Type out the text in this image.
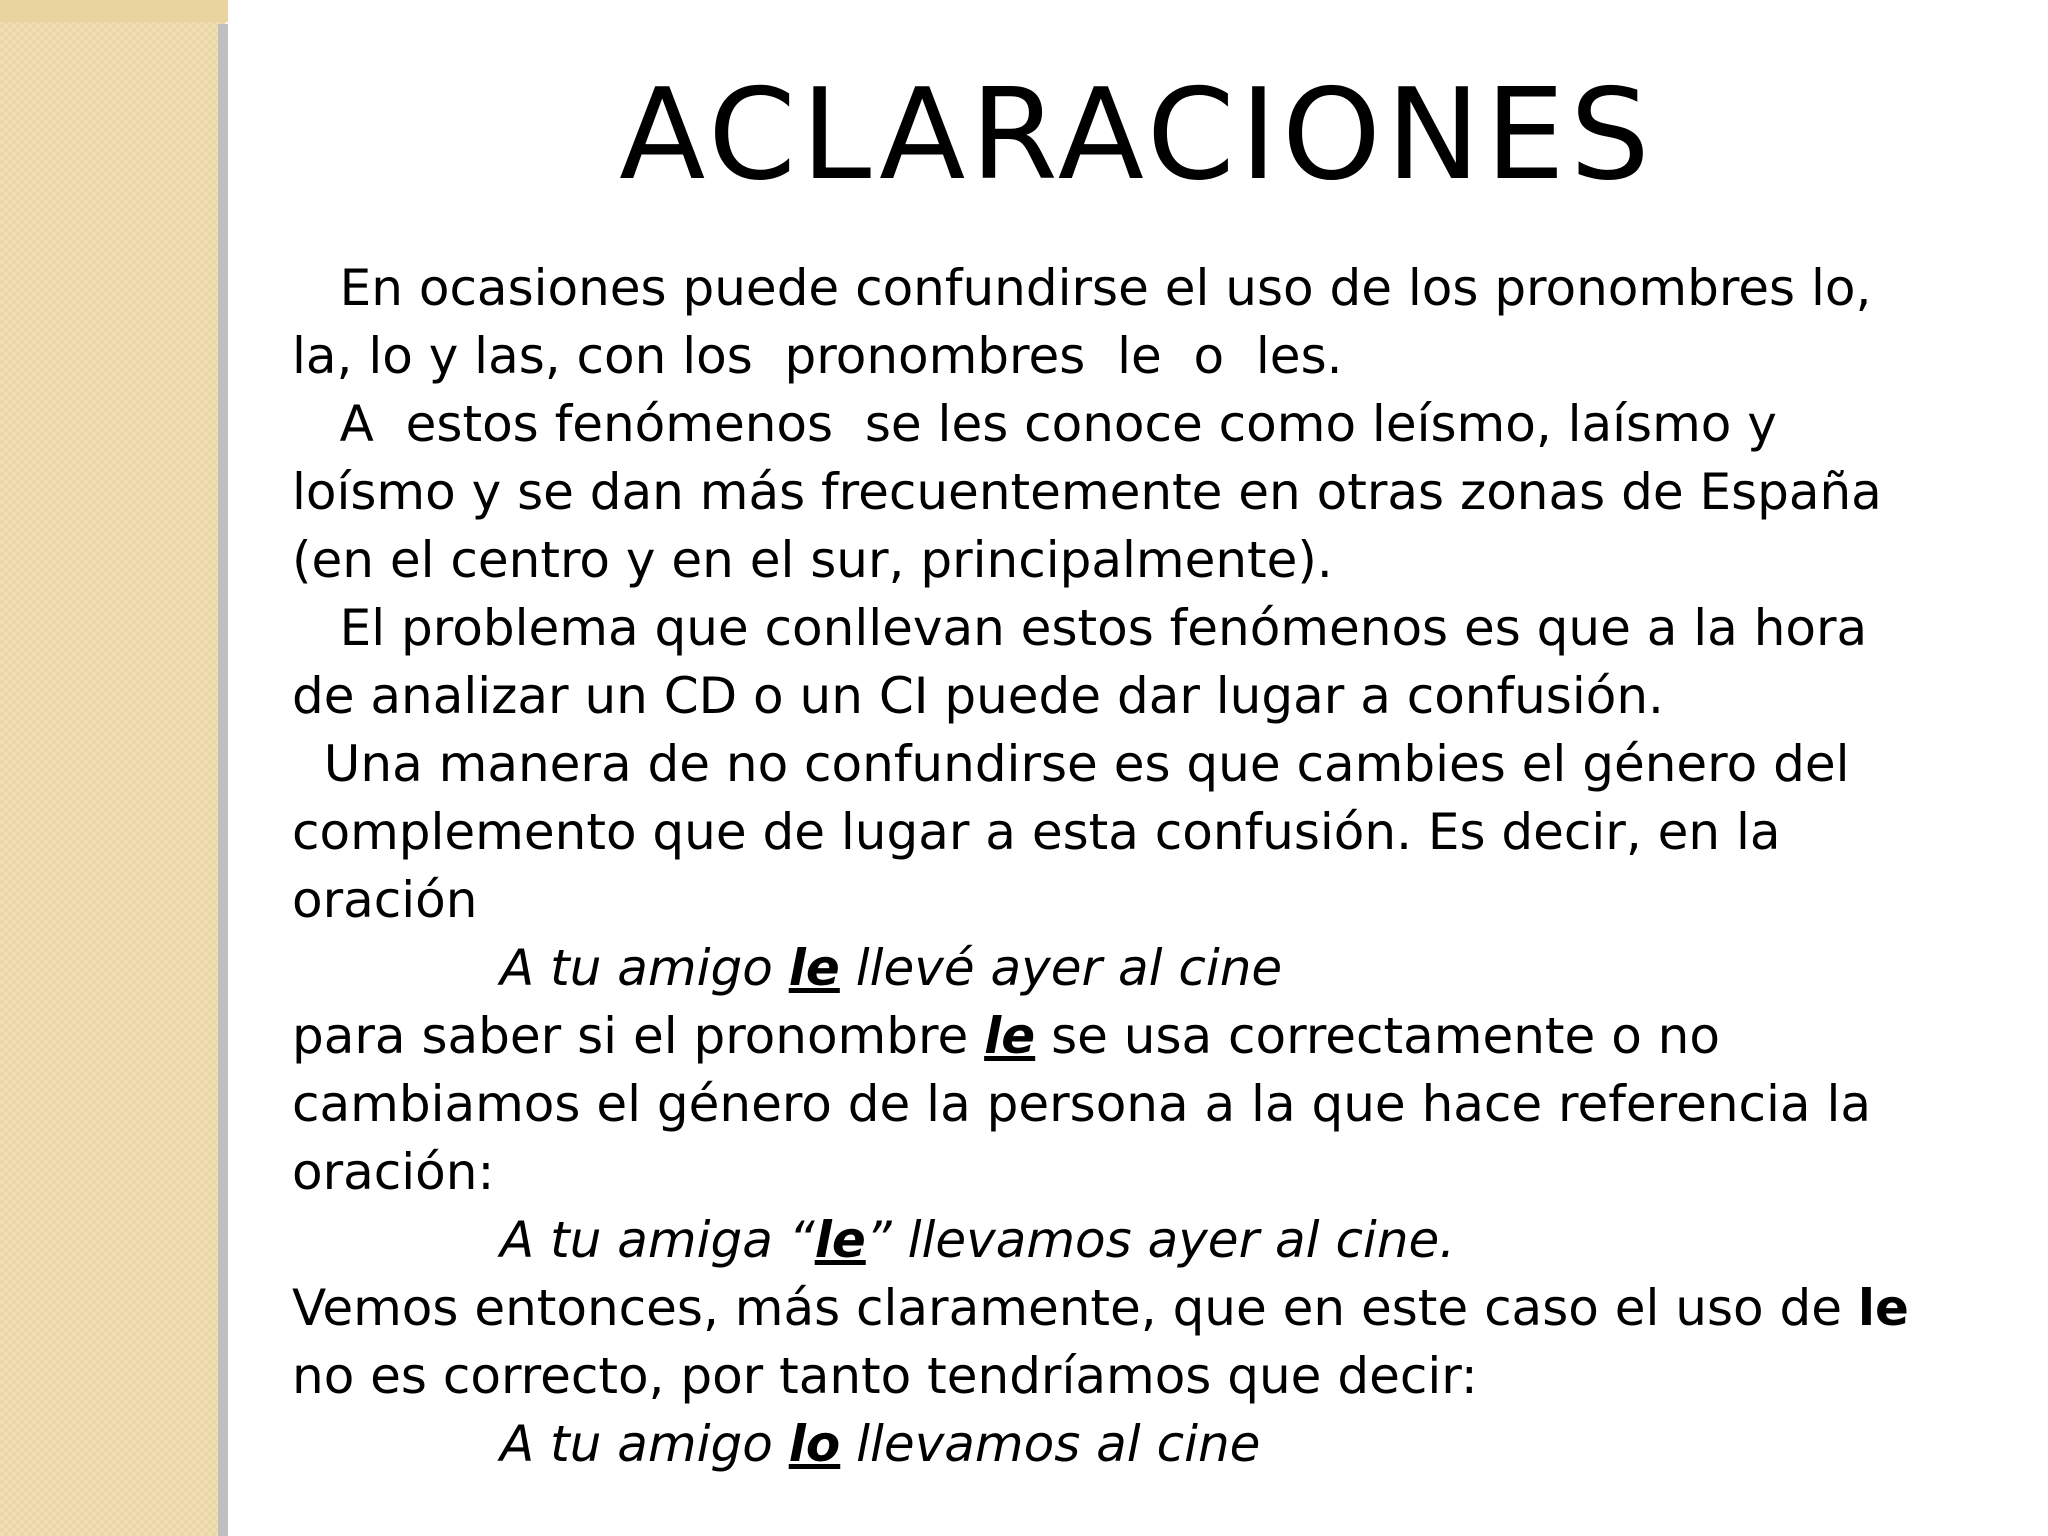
ACLARACIONES
En ocasiones puede confundirse el uso de los pronombres lo,
la, lo y las, con los  pronombres  le  o  les.
A  estos fenómenos  se les conoce como leísmo, laísmo y
loísmo y se dan más frecuentemente en otras zonas de España
(en el centro y en el sur, principalmente).
El problema que conllevan estos fenómenos es que a la hora
de analizar un CD o un CI puede dar lugar a confusión.
Una manera de no confundirse es que cambies el género del
complemento que de lugar a esta confusión. Es decir, en la
oración
A tu amigo le llevé ayer al cine
para saber si el pronombre le se usa correctamente o no
cambiamos el género de la persona a la que hace referencia la
oración:
A tu amiga “le” llevamos ayer al cine.
Vemos entonces, más claramente, que en este caso el uso de le
no es correcto, por tanto tendríamos que decir:
A tu amigo lo llevamos al cine
